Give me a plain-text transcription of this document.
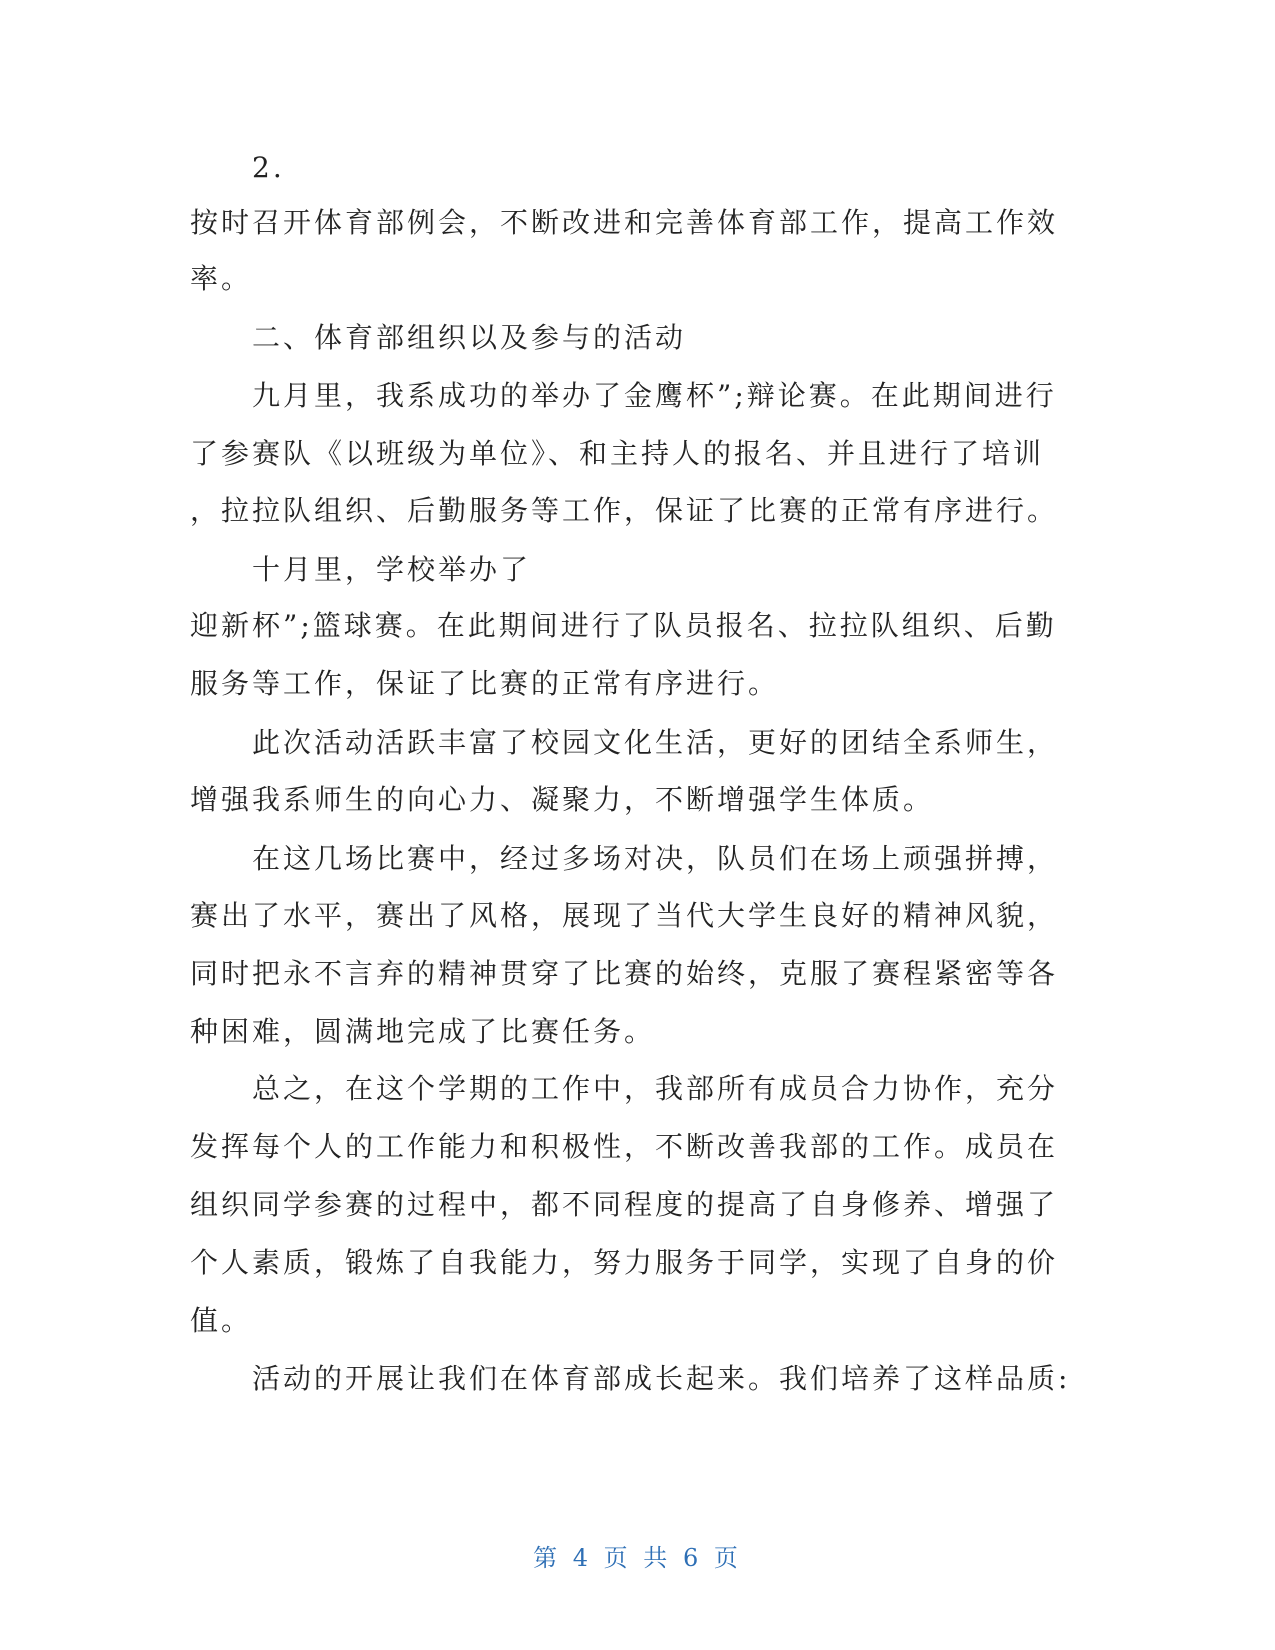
2.
按时召开体育部例会，不断改进和完善体育部工作，提高工作效
率。
二、体育部组织以及参与的活动
九月里，我系成功的举办了金鹰杯”;辩论赛。在此期间进行
了参赛队《以班级为单位》、和主持人的报名、并且进行了培训
，拉拉队组织、后勤服务等工作，保证了比赛的正常有序进行。
十月里，学校举办了
迎新杯”;篮球赛。在此期间进行了队员报名、拉拉队组织、后勤
服务等工作，保证了比赛的正常有序进行。
此次活动活跃丰富了校园文化生活，更好的团结全系师生，
增强我系师生的向心力、凝聚力，不断增强学生体质。
在这几场比赛中，经过多场对决，队员们在场上顽强拼搏，
赛出了水平，赛出了风格，展现了当代大学生良好的精神风貌，
同时把永不言弃的精神贯穿了比赛的始终，克服了赛程紧密等各
种困难，圆满地完成了比赛任务。
总之，在这个学期的工作中，我部所有成员合力协作，充分
发挥每个人的工作能力和积极性，不断改善我部的工作。成员在
组织同学参赛的过程中，都不同程度的提高了自身修养、增强了
个人素质，锻炼了自我能力，努力服务于同学，实现了自身的价
值。
活动的开展让我们在体育部成长起来。我们培养了这样品质:
第 4 页 共 6 页
